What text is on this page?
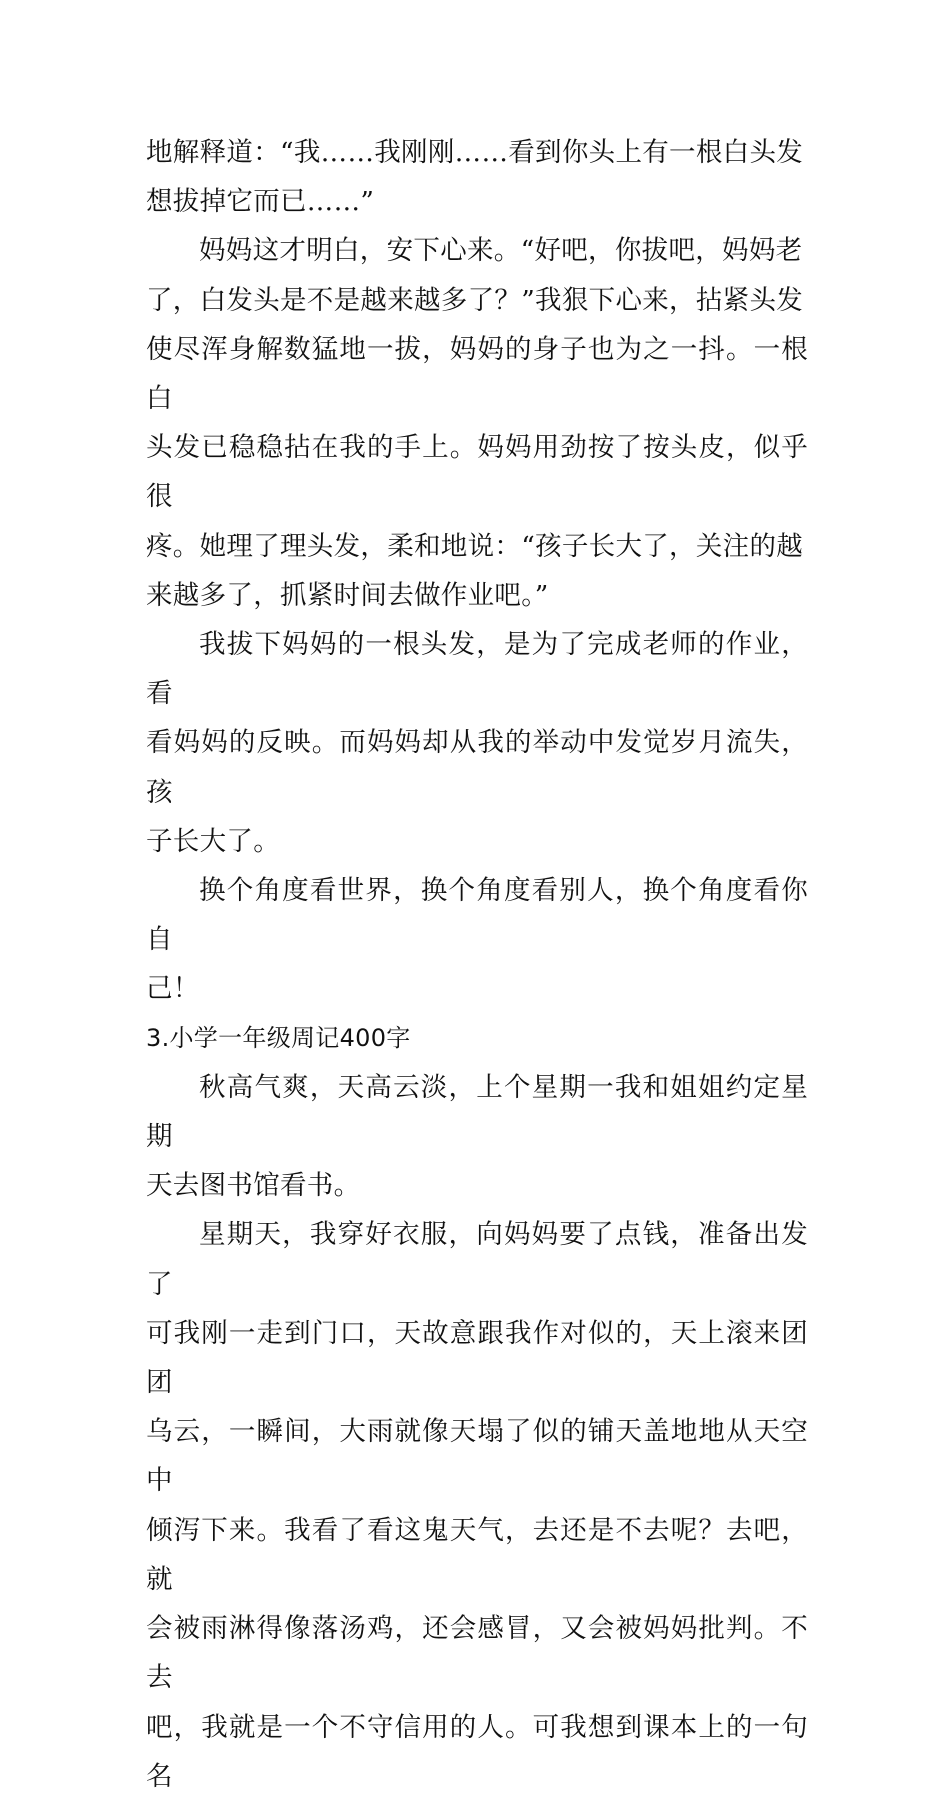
地解释道：“我……我刚刚……看到你头上有一根白头发
想拔掉它而已……”
妈妈这才明白，安下心来。“好吧，你拔吧，妈妈老
了，白发头是不是越来越多了？”我狠下心来，拈紧头发
使尽浑身解数猛地一拔，妈妈的身子也为之一抖。一根白
头发已稳稳拈在我的手上。妈妈用劲按了按头皮，似乎很
疼。她理了理头发，柔和地说：“孩子长大了，关注的越
来越多了，抓紧时间去做作业吧。”
我拔下妈妈的一根头发，是为了完成老师的作业，看
看妈妈的反映。而妈妈却从我的举动中发觉岁月流失，孩
子长大了。
换个角度看世界，换个角度看别人，换个角度看你自
己！
3.小学一年级周记400字
秋高气爽，天高云淡，上个星期一我和姐姐约定星期
天去图书馆看书。
星期天，我穿好衣服，向妈妈要了点钱，准备出发了
可我刚一走到门口，天故意跟我作对似的，天上滚来团团
乌云，一瞬间，大雨就像天塌了似的铺天盖地地从天空中
倾泻下来。我看了看这鬼天气，去还是不去呢？去吧，就
会被雨淋得像落汤鸡，还会感冒，又会被妈妈批判。不去
吧，我就是一个不守信用的人。可我想到课本上的一句名
